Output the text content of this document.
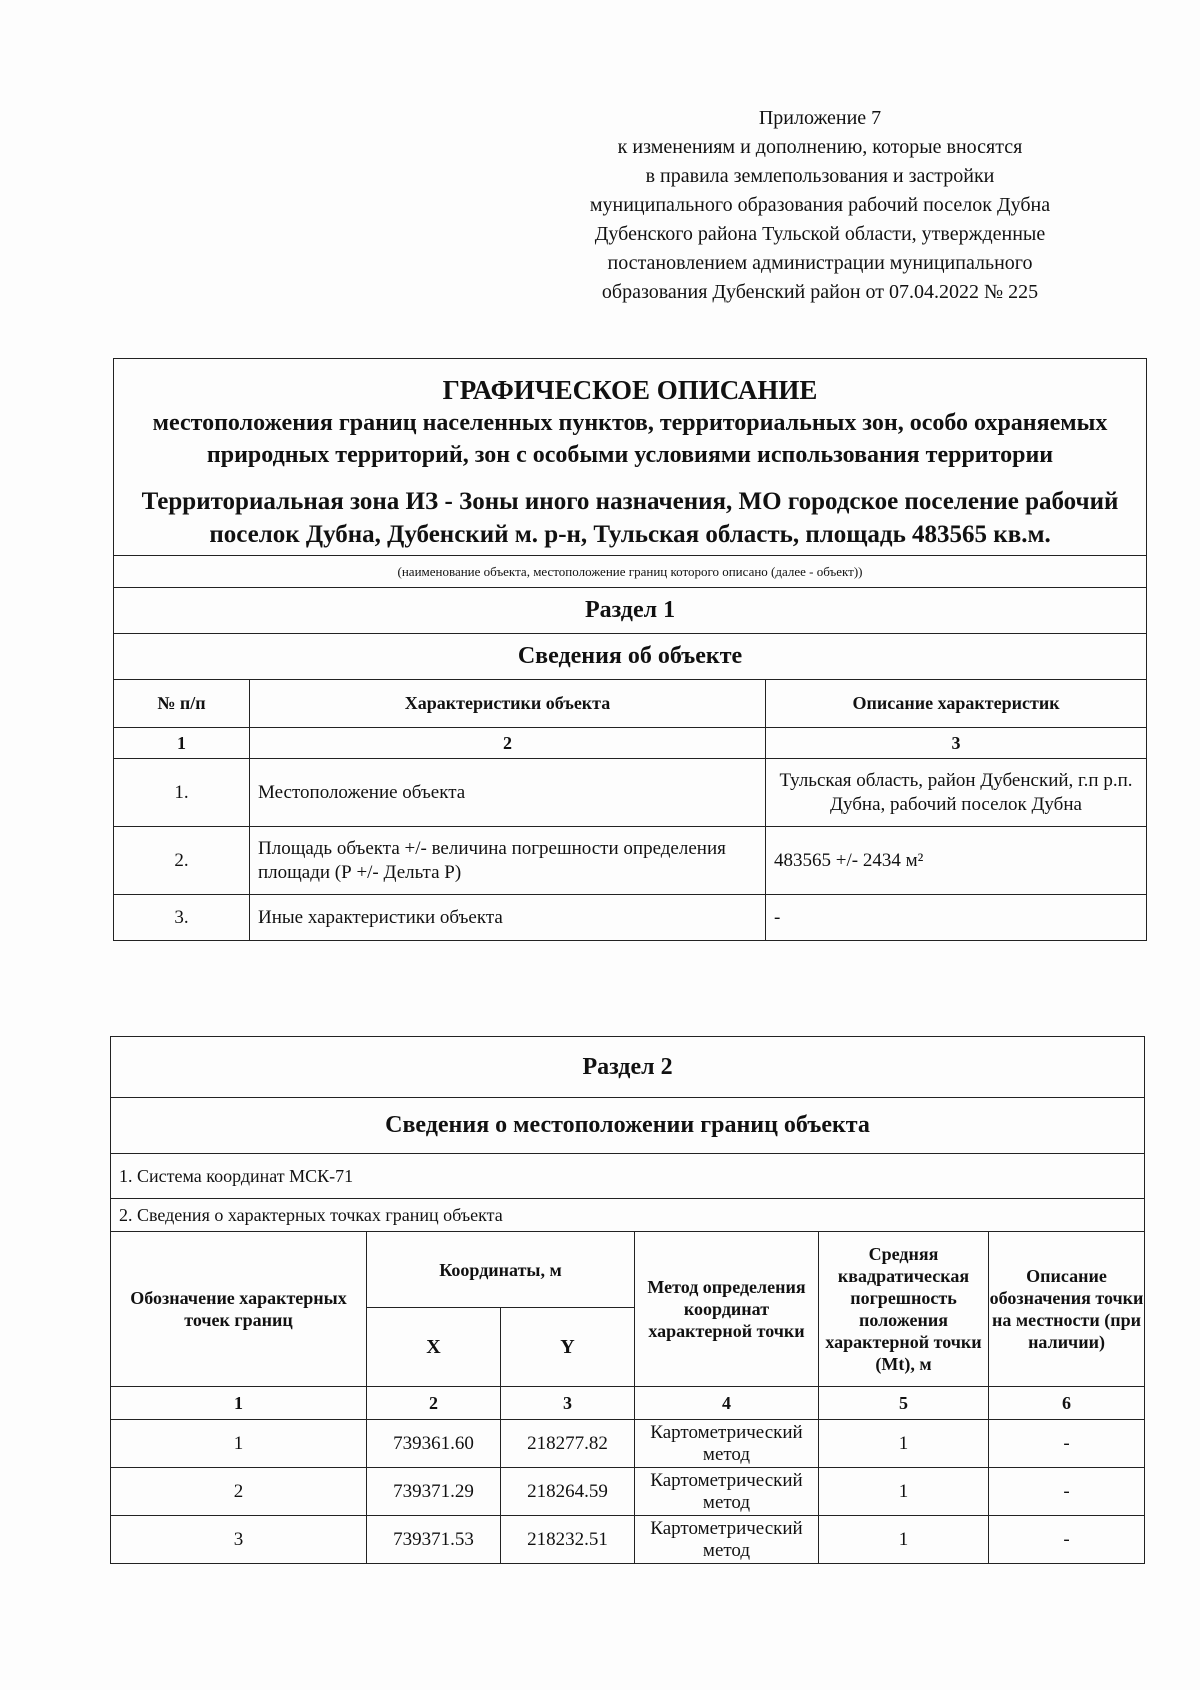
Приложение 7
к изменениям и дополнению, которые вносятся
в правила землепользования и застройки
муниципального образования рабочий поселок Дубна
Дубенского района Тульской области, утвержденные
постановлением администрации муниципального
образования Дубенский район от 07.04.2022 № 225
ГРАФИЧЕСКОЕ ОПИСАНИЕ
местоположения границ населенных пунктов, территориальных зон, особо охраняемых природных территорий, зон с особыми условиями использования территории
Территориальная зона ИЗ - Зоны иного назначения, МО городское поселение рабочий поселок Дубна, Дубенский м. р-н, Тульская область, площадь 483565 кв.м.		

(наименование объекта, местоположение границ которого описано (далее - объект))		
Раздел 1		
Сведения об объекте		
№ п/п	Характеристики объекта	Описание характеристик
1	2	3
1.	Местоположение объекта	Тульская область, район Дубенский, г.п р.п. Дубна, рабочий поселок Дубна
2.	Площадь объекта +/- величина погрешности определения площади (Р +/- Дельта Р)	483565 +/- 2434 м²
3.	Иные характеристики объекта	-
Раздел 2					
Сведения о местоположении границ объекта					
1. Система координат МСК-71					
2. Сведения о характерных точках границ объекта					
Обозначение характерных точек границ	Координаты, м		Метод определения координат характерной точки	Средняя квадратическая погрешность положения характерной точки (Mt), м	Описание обозначения точки на местности (при наличии)
	X	Y			
1	2	3	4	5	6
1	739361.60	218277.82	Картометрический метод	1	-
2	739371.29	218264.59	Картометрический метод	1	-
3	739371.53	218232.51	Картометрический метод	1	-
